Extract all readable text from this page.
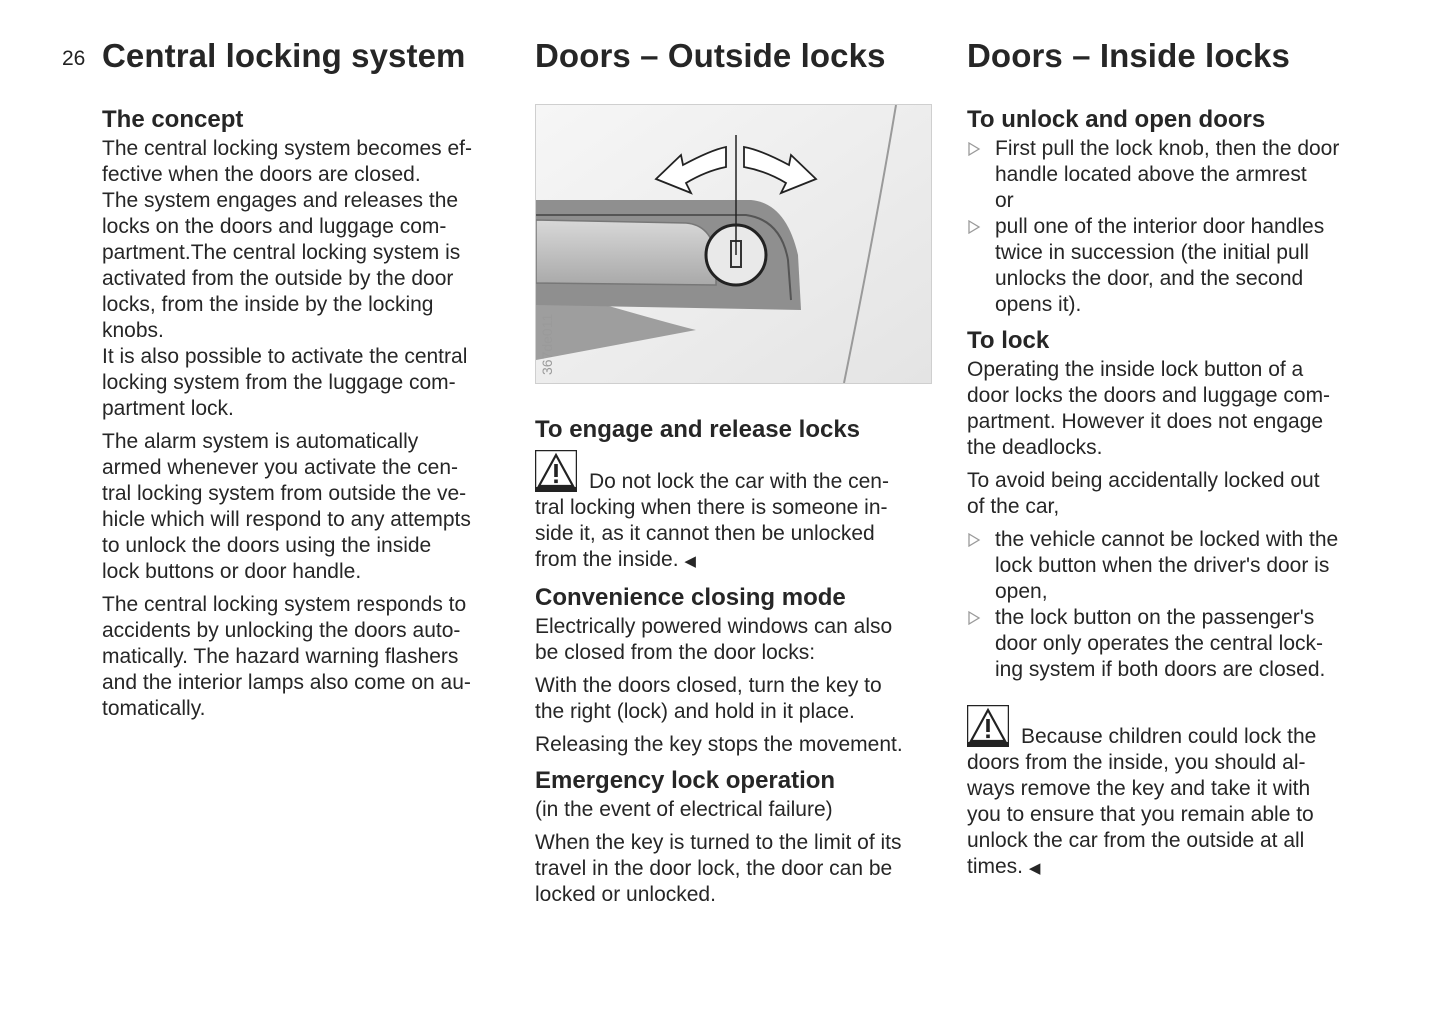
26 Central locking system
The concept

The central locking system becomes ef-
fective when the doors are closed.
The system engages and releases the
locks on the doors and luggage com-
partment.The central locking system is
activated from the outside by the door
locks, from the inside by the locking
knobs.
It is also possible to activate the central
locking system from the luggage com-
partment lock.

The alarm system is automatically
armed whenever you activate the cen-
tral locking system from outside the ve-
hicle which will respond to any attempts
to unlock the doors using the inside
lock buttons or door handle.

The central locking system responds to
accidents by unlocking the doors auto-
matically. The hazard warning flashers
and the interior lamps also come on au-
tomatically.

Doors – Outside locks
367de011
To engage and release locks

Do not lock the car with the cen-
tral locking when there is someone in-
side it, as it cannot then be unlocked
from the inside. ◀

Convenience closing mode

Electrically powered windows can also
be closed from the door locks:

With the doors closed, turn the key to
the right (lock) and hold in it place.

Releasing the key stops the movement.

Emergency lock operation

(in the event of electrical failure)

When the key is turned to the limit of its
travel in the door lock, the door can be
locked or unlocked.

Doors – Inside locks
To unlock and open doors
First pull the lock knob, then the door
handle located above the armrest
or
pull one of the interior door handles
twice in succession (the initial pull
unlocks the door, and the second
opens it).
To lock

Operating the inside lock button of a
door locks the doors and luggage com-
partment. However it does not engage
the deadlocks.

To avoid being accidentally locked out
of the car,

the vehicle cannot be locked with the
lock button when the driver's door is
open,
the lock button on the passenger's
door only operates the central lock-
ing system if both doors are closed.

Because children could lock the
doors from the inside, you should al-
ways remove the key and take it with
you to ensure that you remain able to
unlock the car from the outside at all
times. ◀
